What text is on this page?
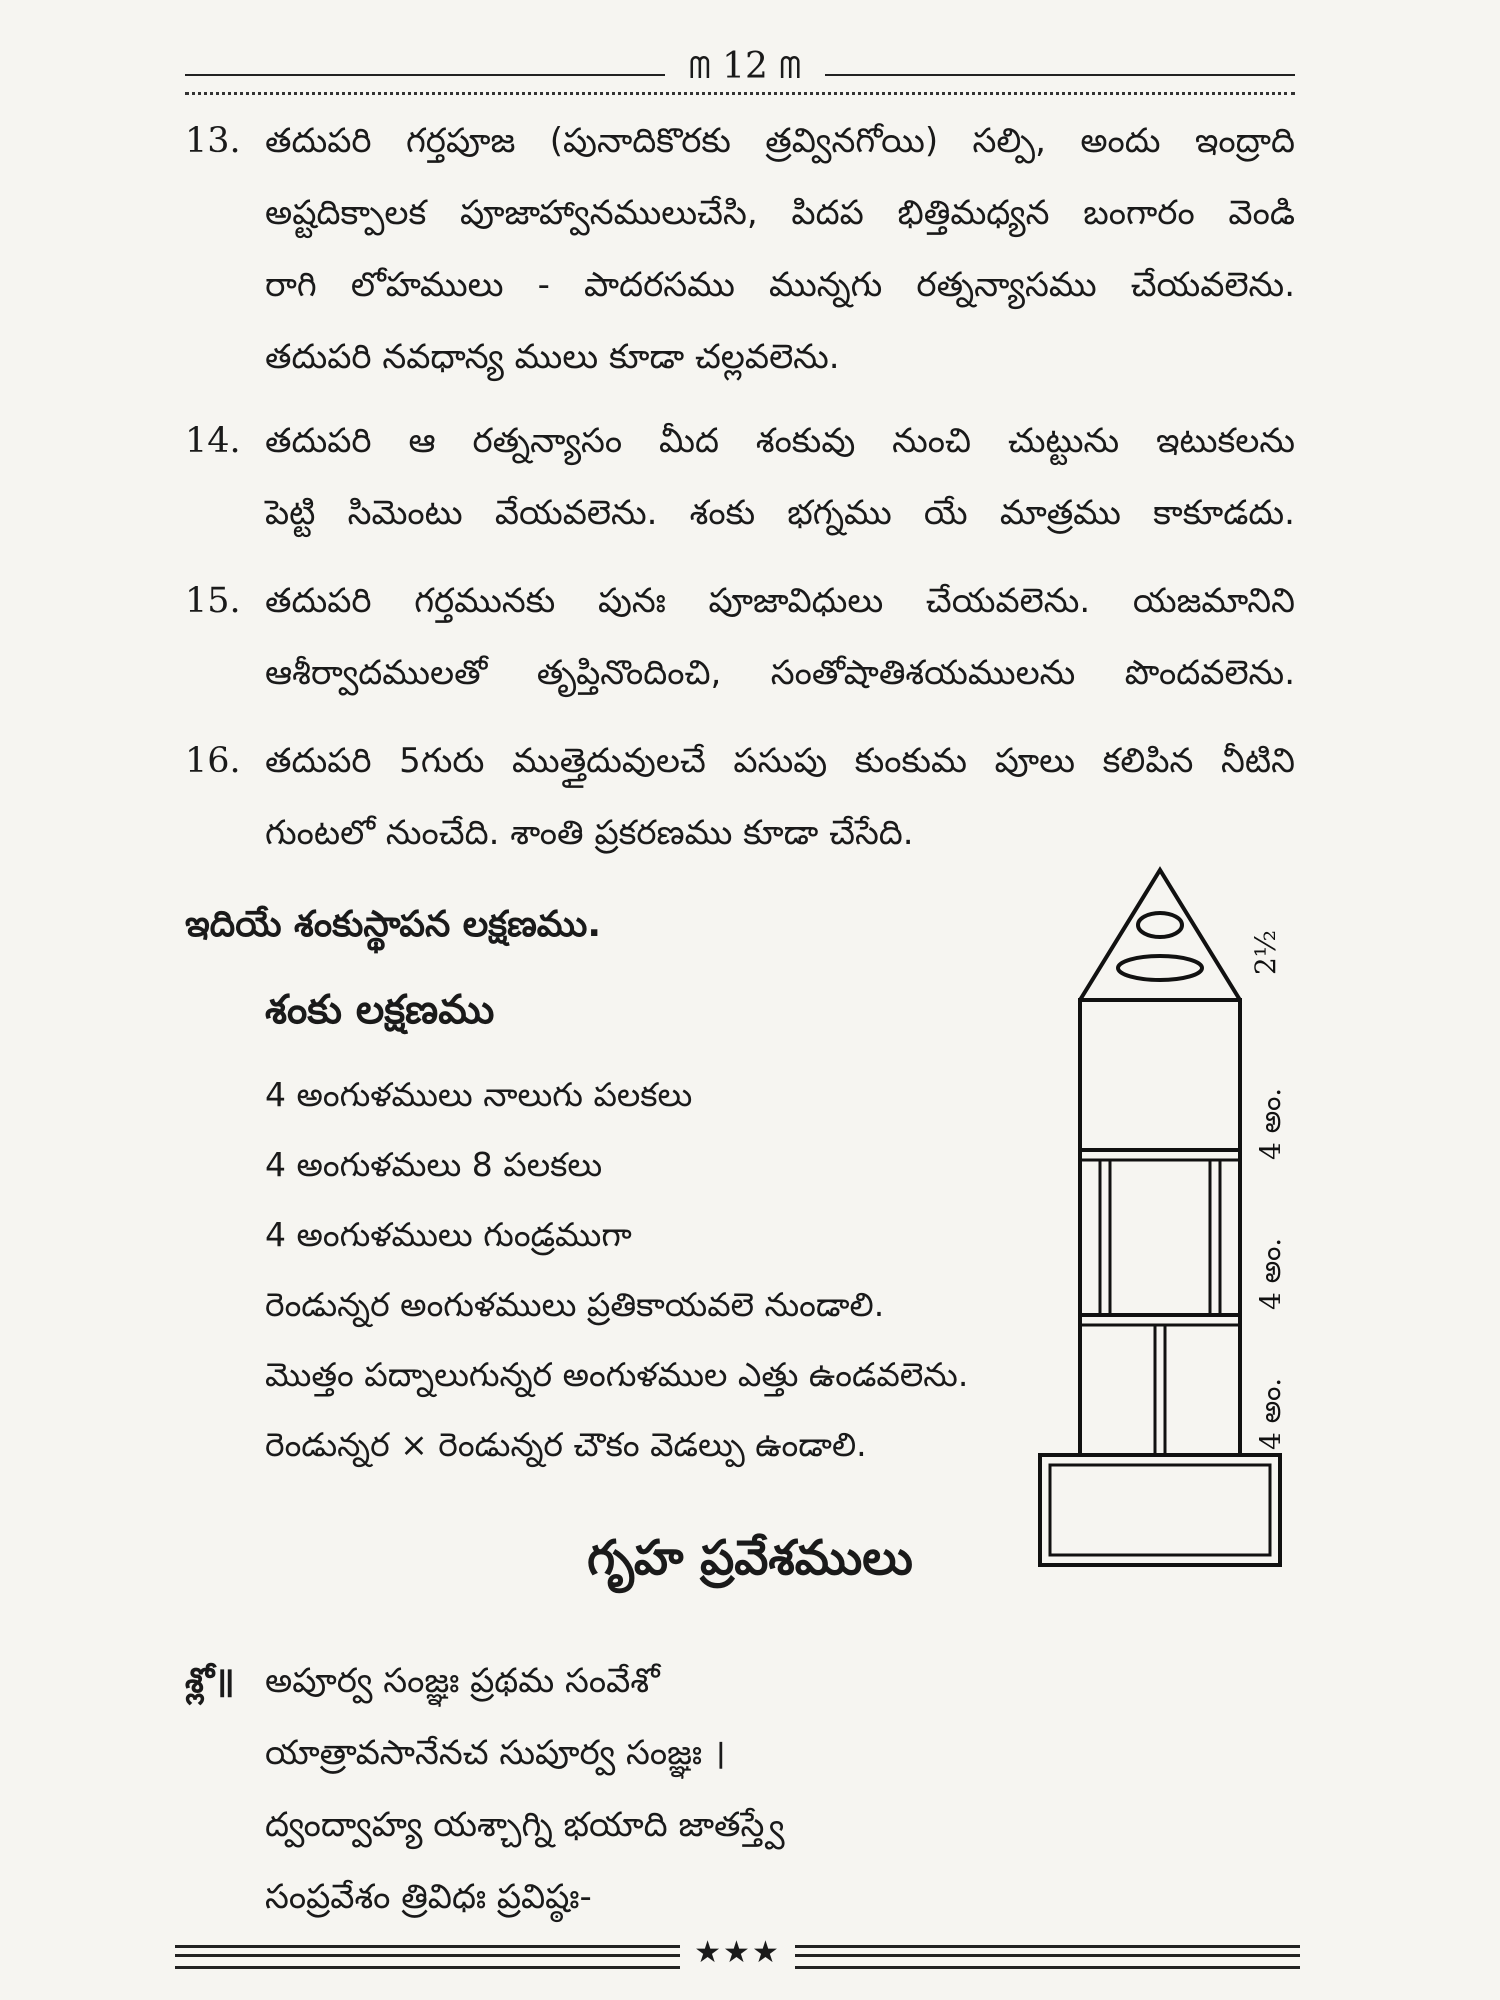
ᗰ 12 ᗰ
13. తదుపరి గర్తపూజ (పునాదికొరకు త్రవ్వినగోయి) సల్పి, అందు ఇంద్రాది
అష్టదిక్పాలక పూజాహ్వానములుచేసి, పిదప భిత్తిమధ్యన బంగారం వెండి
రాగి లోహములు - పాదరసము మున్నగు రత్నన్యాసము చేయవలెను.
తదుపరి నవధాన్య ములు కూడా చల్లవలెను.
14. తదుపరి ఆ రత్నన్యాసం మీద శంకువు నుంచి చుట్టును ఇటుకలను
పెట్టి సిమెంటు వేయవలెను. శంకు భగ్నము యే మాత్రము కాకూడదు.
15. తదుపరి గర్తమునకు పునః పూజావిధులు చేయవలెను. యజమానిని
ఆశీర్వాదములతో తృప్తినొందించి, సంతోషాతిశయములను పొందవలెను.
16. తదుపరి 5గురు ముత్తైదువులచే పసుపు కుంకుమ పూలు కలిపిన నీటిని
గుంటలో నుంచేది. శాంతి ప్రకరణము కూడా చేసేది.
ఇదియే శంకుస్థాపన లక్షణము.
శంకు లక్షణము
4 అంగుళములు నాలుగు పలకలు
4 అంగుళమలు 8 పలకలు
4 అంగుళములు గుండ్రముగా
రెండున్నర అంగుళములు ప్రతికాయవలె నుండాలి.
మొత్తం పద్నాలుగున్నర అంగుళముల ఎత్తు ఉండవలెను.
రెండున్నర × రెండున్నర చౌకం వెడల్పు ఉండాలి.
2½
4 అం.
4 అం.
4 అం.
గృహ ప్రవేశములు
శ్లో॥ అపూర్వ సంజ్ఞః ప్రథమ సంవేశో
యాత్రావసానేనచ సుపూర్వ సంజ్ఞః ।
ద్వంద్వాహ్య యశ్చాగ్ని భయాది జాతస్త్వే
సంప్రవేశం త్రివిధః ప్రవిష్ఠః-
★★★
